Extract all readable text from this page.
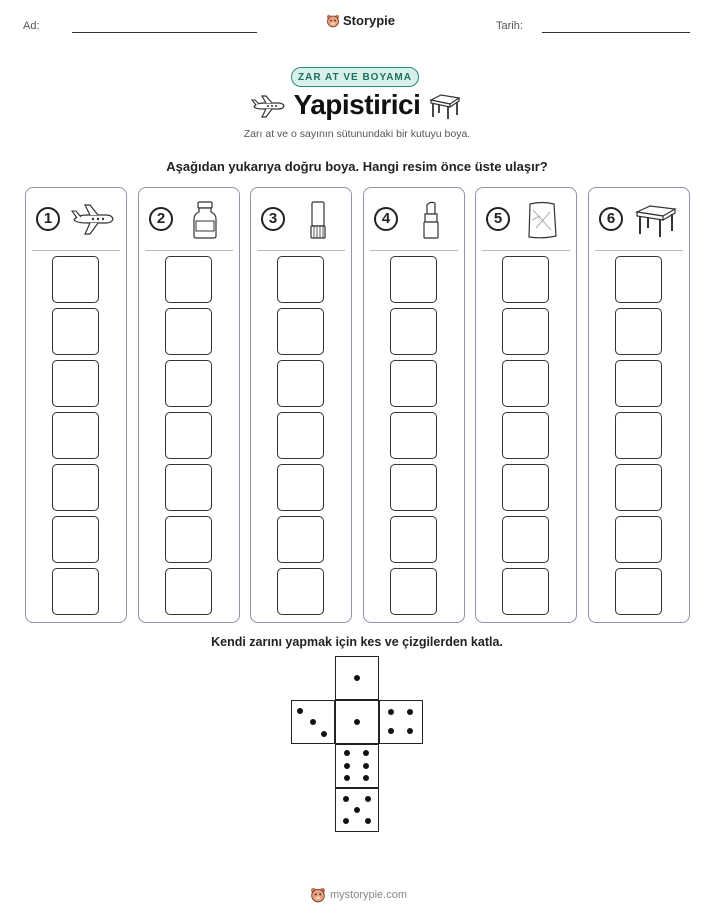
Ad:	Storypie	Tarih:
ZAR AT VE BOYAMA
Yapistirici
Zarı at ve o sayının sütunundaki bir kutuyu boya.
Aşağıdan yukarıya doğru boya. Hangi resim önce üste ulaşır?
1	2	3	4	5	6
Kendi zarını yapmak için kes ve çizgilerden katla.
mystorypie.com
